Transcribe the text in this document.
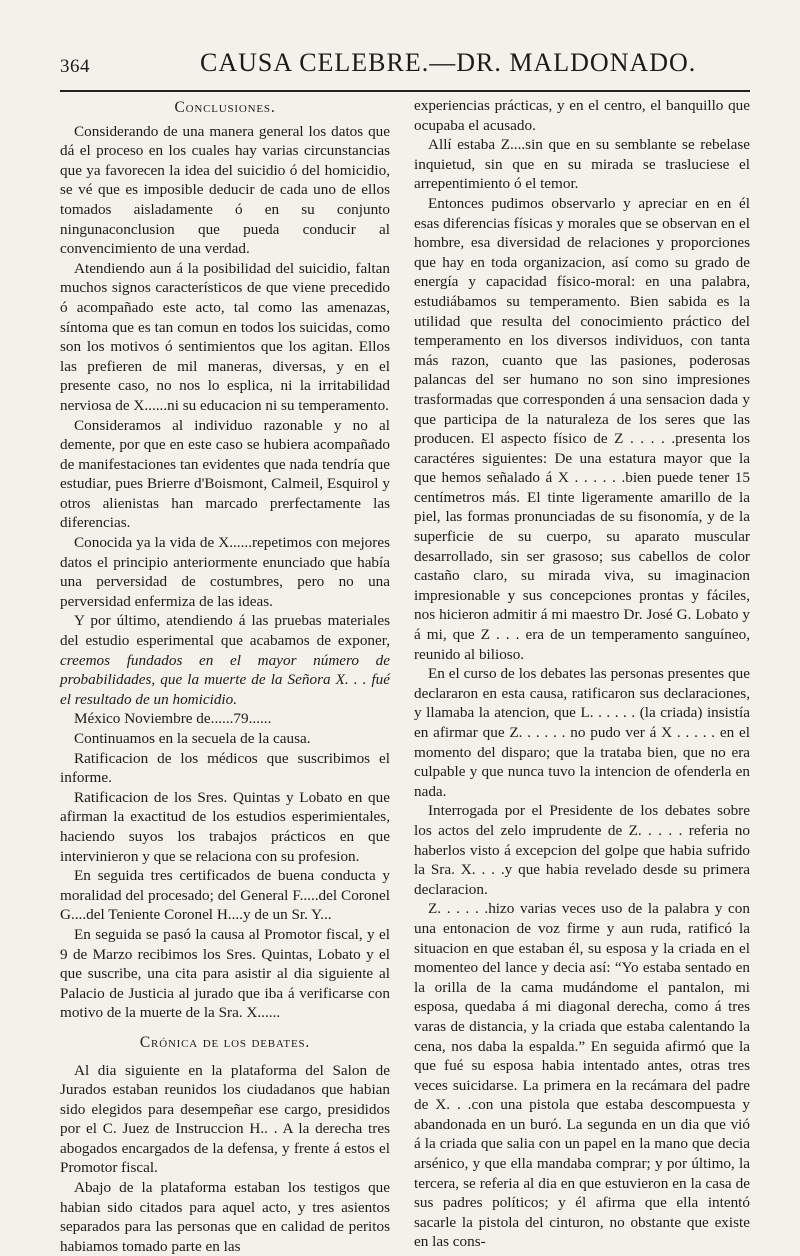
364	CAUSA CELEBRE.—DR. MALDONADO.
Conclusiones.

Considerando de una manera general los datos que dá el proceso en los cuales hay varias circunstancias que ya favorecen la idea del suicidio ó del homicidio, se vé que es imposible deducir de cada uno de ellos tomados aisladamente ó en su conjunto ningunaconclusion que pueda conducir al convencimiento de una verdad.

Atendiendo aun á la posibilidad del suicidio, faltan muchos signos característicos de que viene precedido ó acompañado este acto, tal como las amenazas, síntoma que es tan comun en todos los suicidas, como son los motivos ó sentimientos que los agitan. Ellos las prefieren de mil maneras, diversas, y en el presente caso, no nos lo esplica, ni la irritabilidad nerviosa de X......ni su educacion ni su temperamento.

Consideramos al individuo razonable y no al demente, por que en este caso se hubiera acompañado de manifestaciones tan evidentes que nada tendría que estudiar, pues Brierre d'Boismont, Calmeil, Esquirol y otros alienistas han marcado prerfectamente las diferencias.

Conocida ya la vida de X......repetimos con mejores datos el principio anteriormente enunciado que había una perversidad de costumbres, pero no una perversidad enfermiza de las ideas.

Y por último, atendiendo á las pruebas materiales del estudio esperimental que acabamos de exponer, creemos fundados en el mayor número de probabilidades, que la muerte de la Señora X. . . fué el resultado de un homicidio.

México Noviembre de......79......

Continuamos en la secuela de la causa.

Ratificacion de los médicos que suscribimos el informe.

Ratificacion de los Sres. Quintas y Lobato en que afirman la exactitud de los estudios esperimientales, haciendo suyos los trabajos prácticos en que intervinieron y que se relaciona con su profesion.

En seguida tres certificados de buena conducta y moralidad del procesado; del General F.....del Coronel G....del Teniente Coronel H....y de un Sr. Y...

En seguida se pasó la causa al Promotor fiscal, y el 9 de Marzo recibimos los Sres. Quintas, Lobato y el que suscribe, una cita para asistir al dia siguiente al Palacio de Justicia al jurado que iba á verificarse con motivo de la muerte de la Sra. X......

Crónica de los debates.

Al dia siguiente en la plataforma del Salon de Jurados estaban reunidos los ciudadanos que habian sido elegidos para desempeñar ese cargo, presididos por el C. Juez de Instruccion H.. . A la derecha tres abogados encargados de la defensa, y frente á estos el Promotor fiscal.

Abajo de la plataforma estaban los testigos que habian sido citados para aquel acto, y tres asientos separados para las personas que en calidad de peritos habiamos tomado parte en las

experiencias prácticas, y en el centro, el banquillo que ocupaba el acusado.

Allí estaba Z....sin que en su semblante se rebelase inquietud, sin que en su mirada se trasluciese el arrepentimiento ó el temor.

Entonces pudimos observarlo y apreciar en en él esas diferencias físicas y morales que se observan en el hombre, esa diversidad de relaciones y proporciones que hay en toda organizacion, así como su grado de energía y capacidad físico-moral: en una palabra, estudiábamos su temperamento. Bien sabida es la utilidad que resulta del conocimiento práctico del temperamento en los diversos individuos, con tanta más razon, cuanto que las pasiones, poderosas palancas del ser humano no son sino impresiones trasformadas que corresponden á una sensacion dada y que participa de la naturaleza de los seres que las producen. El aspecto físico de Z . . . . .presenta los caractéres siguientes: De una estatura mayor que la que hemos señalado á X . . . . . .bien puede tener 15 centímetros más. El tinte ligeramente amarillo de la piel, las formas pronunciadas de su fisonomía, y de la superficie de su cuerpo, su aparato muscular desarrollado, sin ser grasoso; sus cabellos de color castaño claro, su mirada viva, su imaginacion impresionable y sus concepciones prontas y fáciles, nos hicieron admitir á mi maestro Dr. José G. Lobato y á mi, que Z . . . era de un temperamento sanguíneo, reunido al bilioso.

En el curso de los debates las personas presentes que declararon en esta causa, ratificaron sus declaraciones, y llamaba la atencion, que L. . . . . . (la criada) insistía en afirmar que Z. . . . . . no pudo ver á X . . . . . en el momento del disparo; que la trataba bien, que no era culpable y que nunca tuvo la intencion de ofenderla en nada.

Interrogada por el Presidente de los debates sobre los actos del zelo imprudente de Z. . . . . referia no haberlos visto á excepcion del golpe que habia sufrido la Sra. X. . . .y que habia revelado desde su primera declaracion.

Z. . . . . .hizo varias veces uso de la palabra y con una entonacion de voz firme y aun ruda, ratificó la situacion en que estaban él, su esposa y la criada en el momenteo del lance y decia así: “Yo estaba sentado en la orilla de la cama mudándome el pantalon, mi esposa, quedaba á mi diagonal derecha, como á tres varas de distancia, y la criada que estaba calentando la cena, nos daba la espalda.” En seguida afirmó que la que fué su esposa habia intentado antes, otras tres veces suicidarse. La primera en la recámara del padre de X. . .con una pistola que estaba descompuesta y abandonada en un buró. La segunda en un dia que vió á la criada que salia con un papel en la mano que decia arsénico, y que ella mandaba comprar; y por último, la tercera, se referia al dia en que estuvieron en la casa de sus padres políticos; y él afirma que ella intentó sacarle la pistola del cinturon, no obstante que existe en las cons-
